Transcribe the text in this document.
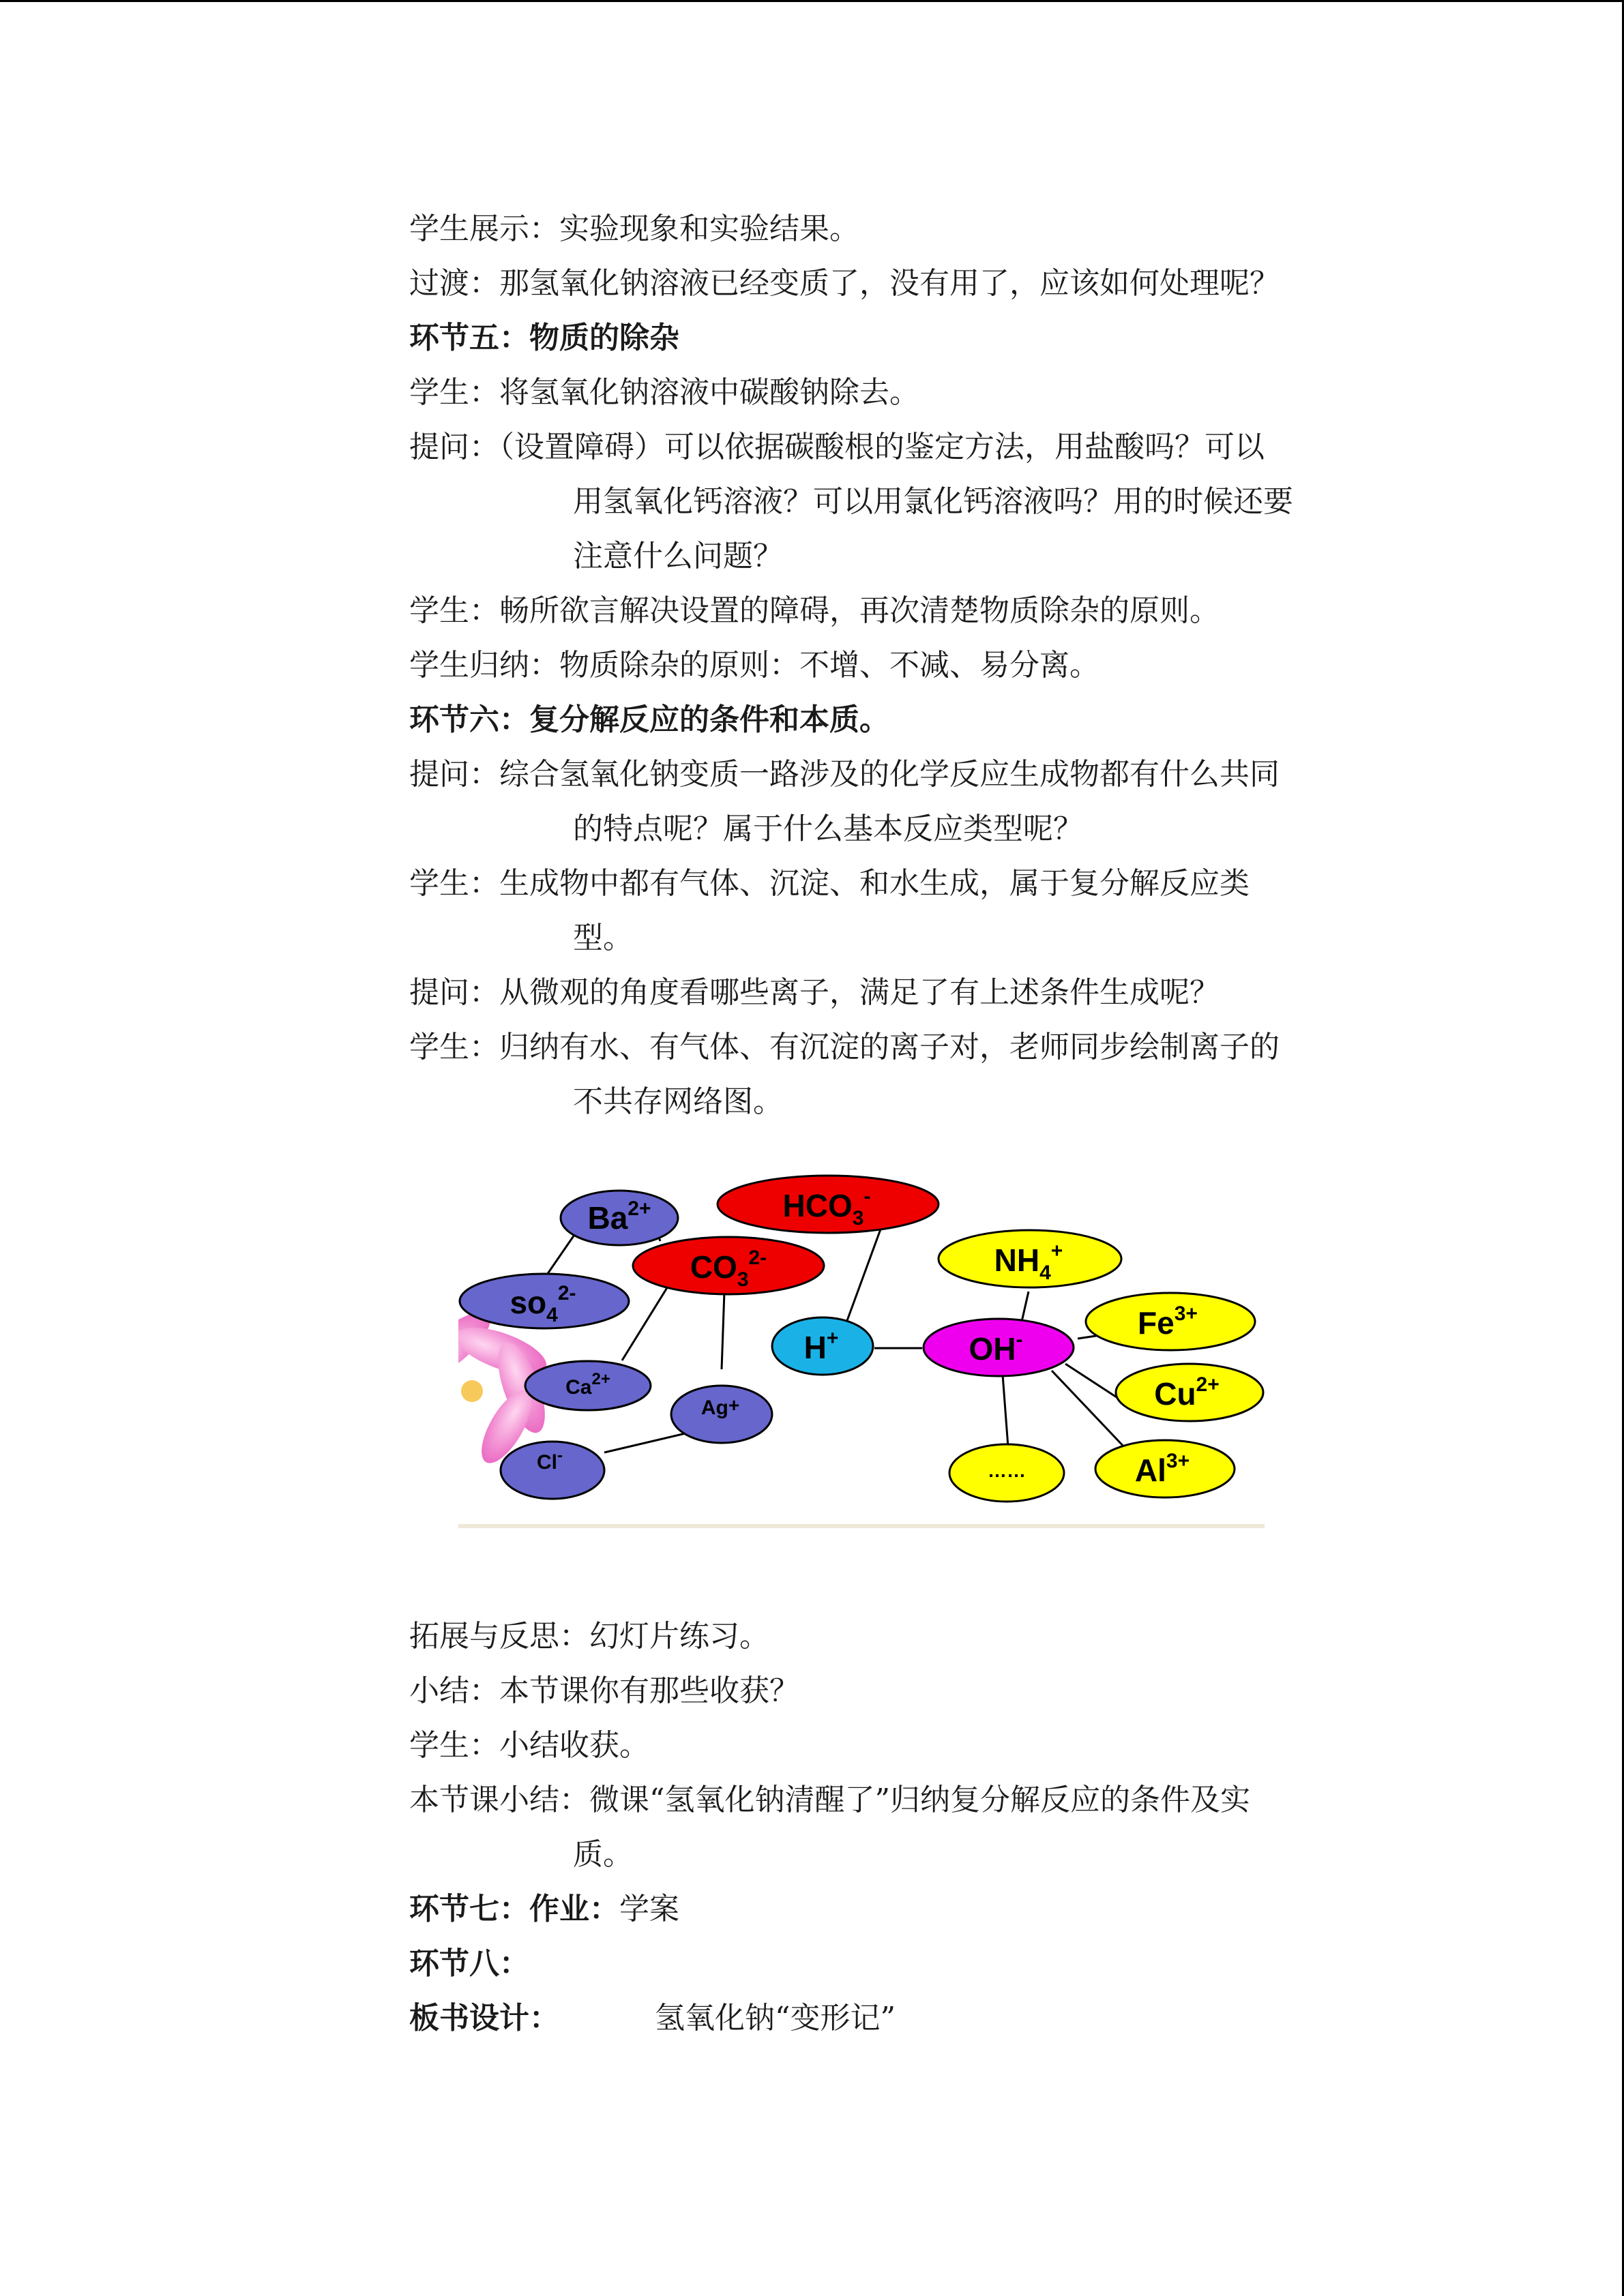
学生展示：实验现象和实验结果。
过渡：那氢氧化钠溶液已经变质了，没有用了，应该如何处理呢？
环节五：物质的除杂
学生：将氢氧化钠溶液中碳酸钠除去。
提问：（设置障碍）可以依据碳酸根的鉴定方法，用盐酸吗？可以
用氢氧化钙溶液？可以用氯化钙溶液吗？用的时候还要
注意什么问题？
学生：畅所欲言解决设置的障碍，再次清楚物质除杂的原则。
学生归纳：物质除杂的原则：不增、不减、易分离。
环节六：复分解反应的条件和本质。
提问：综合氢氧化钠变质一路涉及的化学反应生成物都有什么共同
的特点呢？属于什么基本反应类型呢？
学生：生成物中都有气体、沉淀、和水生成，属于复分解反应类
型。
提问：从微观的角度看哪些离子，满足了有上述条件生成呢？
学生：归纳有水、有气体、有沉淀的离子对，老师同步绘制离子的
不共存网络图。
$Ba^{2+}$	$HCO_3^-$
$NH_4^+$
$so_4^{2-}$
$CO_3^{2-}$
$Fe^{3+}$
H+	OH-
$Ca^{2+}$	$Cu^{2+}$
Ag+
Cl-
……	$Al^{3+}$
拓展与反思：幻灯片练习。
小结：本节课你有那些收获？
学生：小结收获。
本节课小结：微课“氢氧化钠清醒了”归纳复分解反应的条件及实
质。
环节七：作业：学案
环节八：
板书设计：	氢氧化钠“变形记”
